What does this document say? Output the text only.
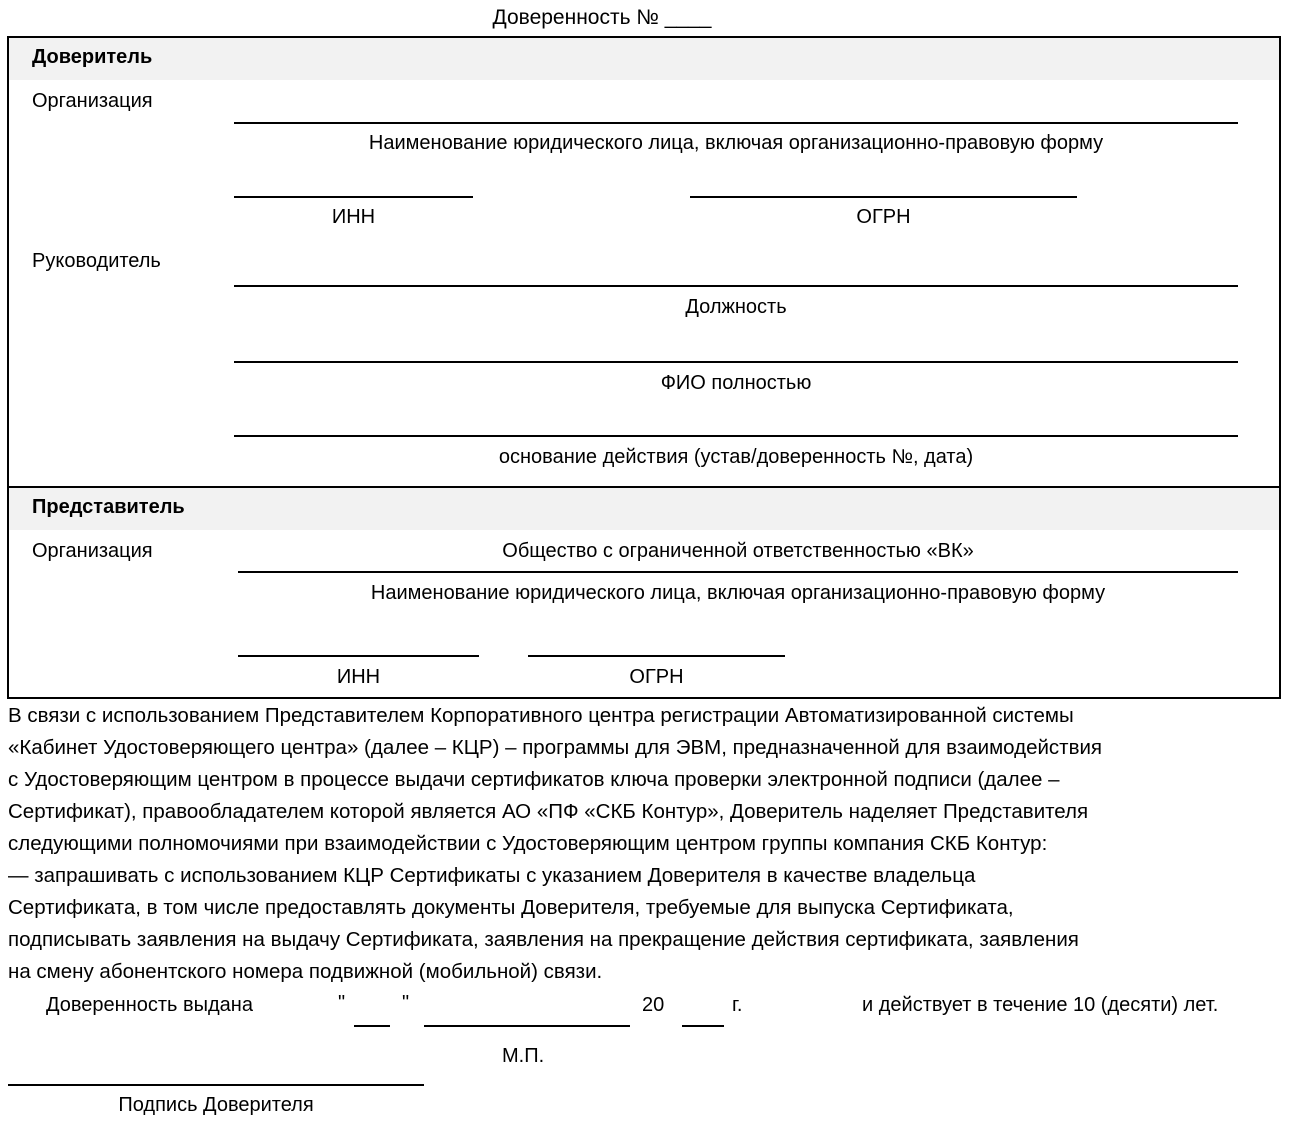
Доверенность № ____
Доверитель
Организация
Наименование юридического лица, включая организационно-правовую форму
ИНН	ОГРН
Руководитель
Должность
ФИО полностью
основание действия (устав/доверенность №, дата)
Представитель
Организация	Общество с ограниченной ответственностью «ВК»
Наименование юридического лица, включая организационно-правовую форму
ИНН	ОГРН
В связи с использованием Представителем Корпоративного центра регистрации Автоматизированной системы
«Кабинет Удостоверяющего центра» (далее – КЦР) – программы для ЭВМ, предназначенной для взаимодействия
с Удостоверяющим центром в процессе выдачи сертификатов ключа проверки электронной подписи (далее –
Сертификат), правообладателем которой является АО «ПФ «СКБ Контур», Доверитель наделяет Представителя
следующими полномочиями при взаимодействии с Удостоверяющим центром группы компания СКБ Контур:
— запрашивать с использованием КЦР Сертификаты с указанием Доверителя в качестве владельца
Сертификата, в том числе предоставлять документы Доверителя, требуемые для выпуска Сертификата,
подписывать заявления на выдачу Сертификата, заявления на прекращение действия сертификата, заявления
на смену абонентского номера подвижной (мобильной) связи.
Доверенность выдана	"	"	20	г.	и действует в течение 10 (десяти) лет.
М.П.
Подпись Доверителя
